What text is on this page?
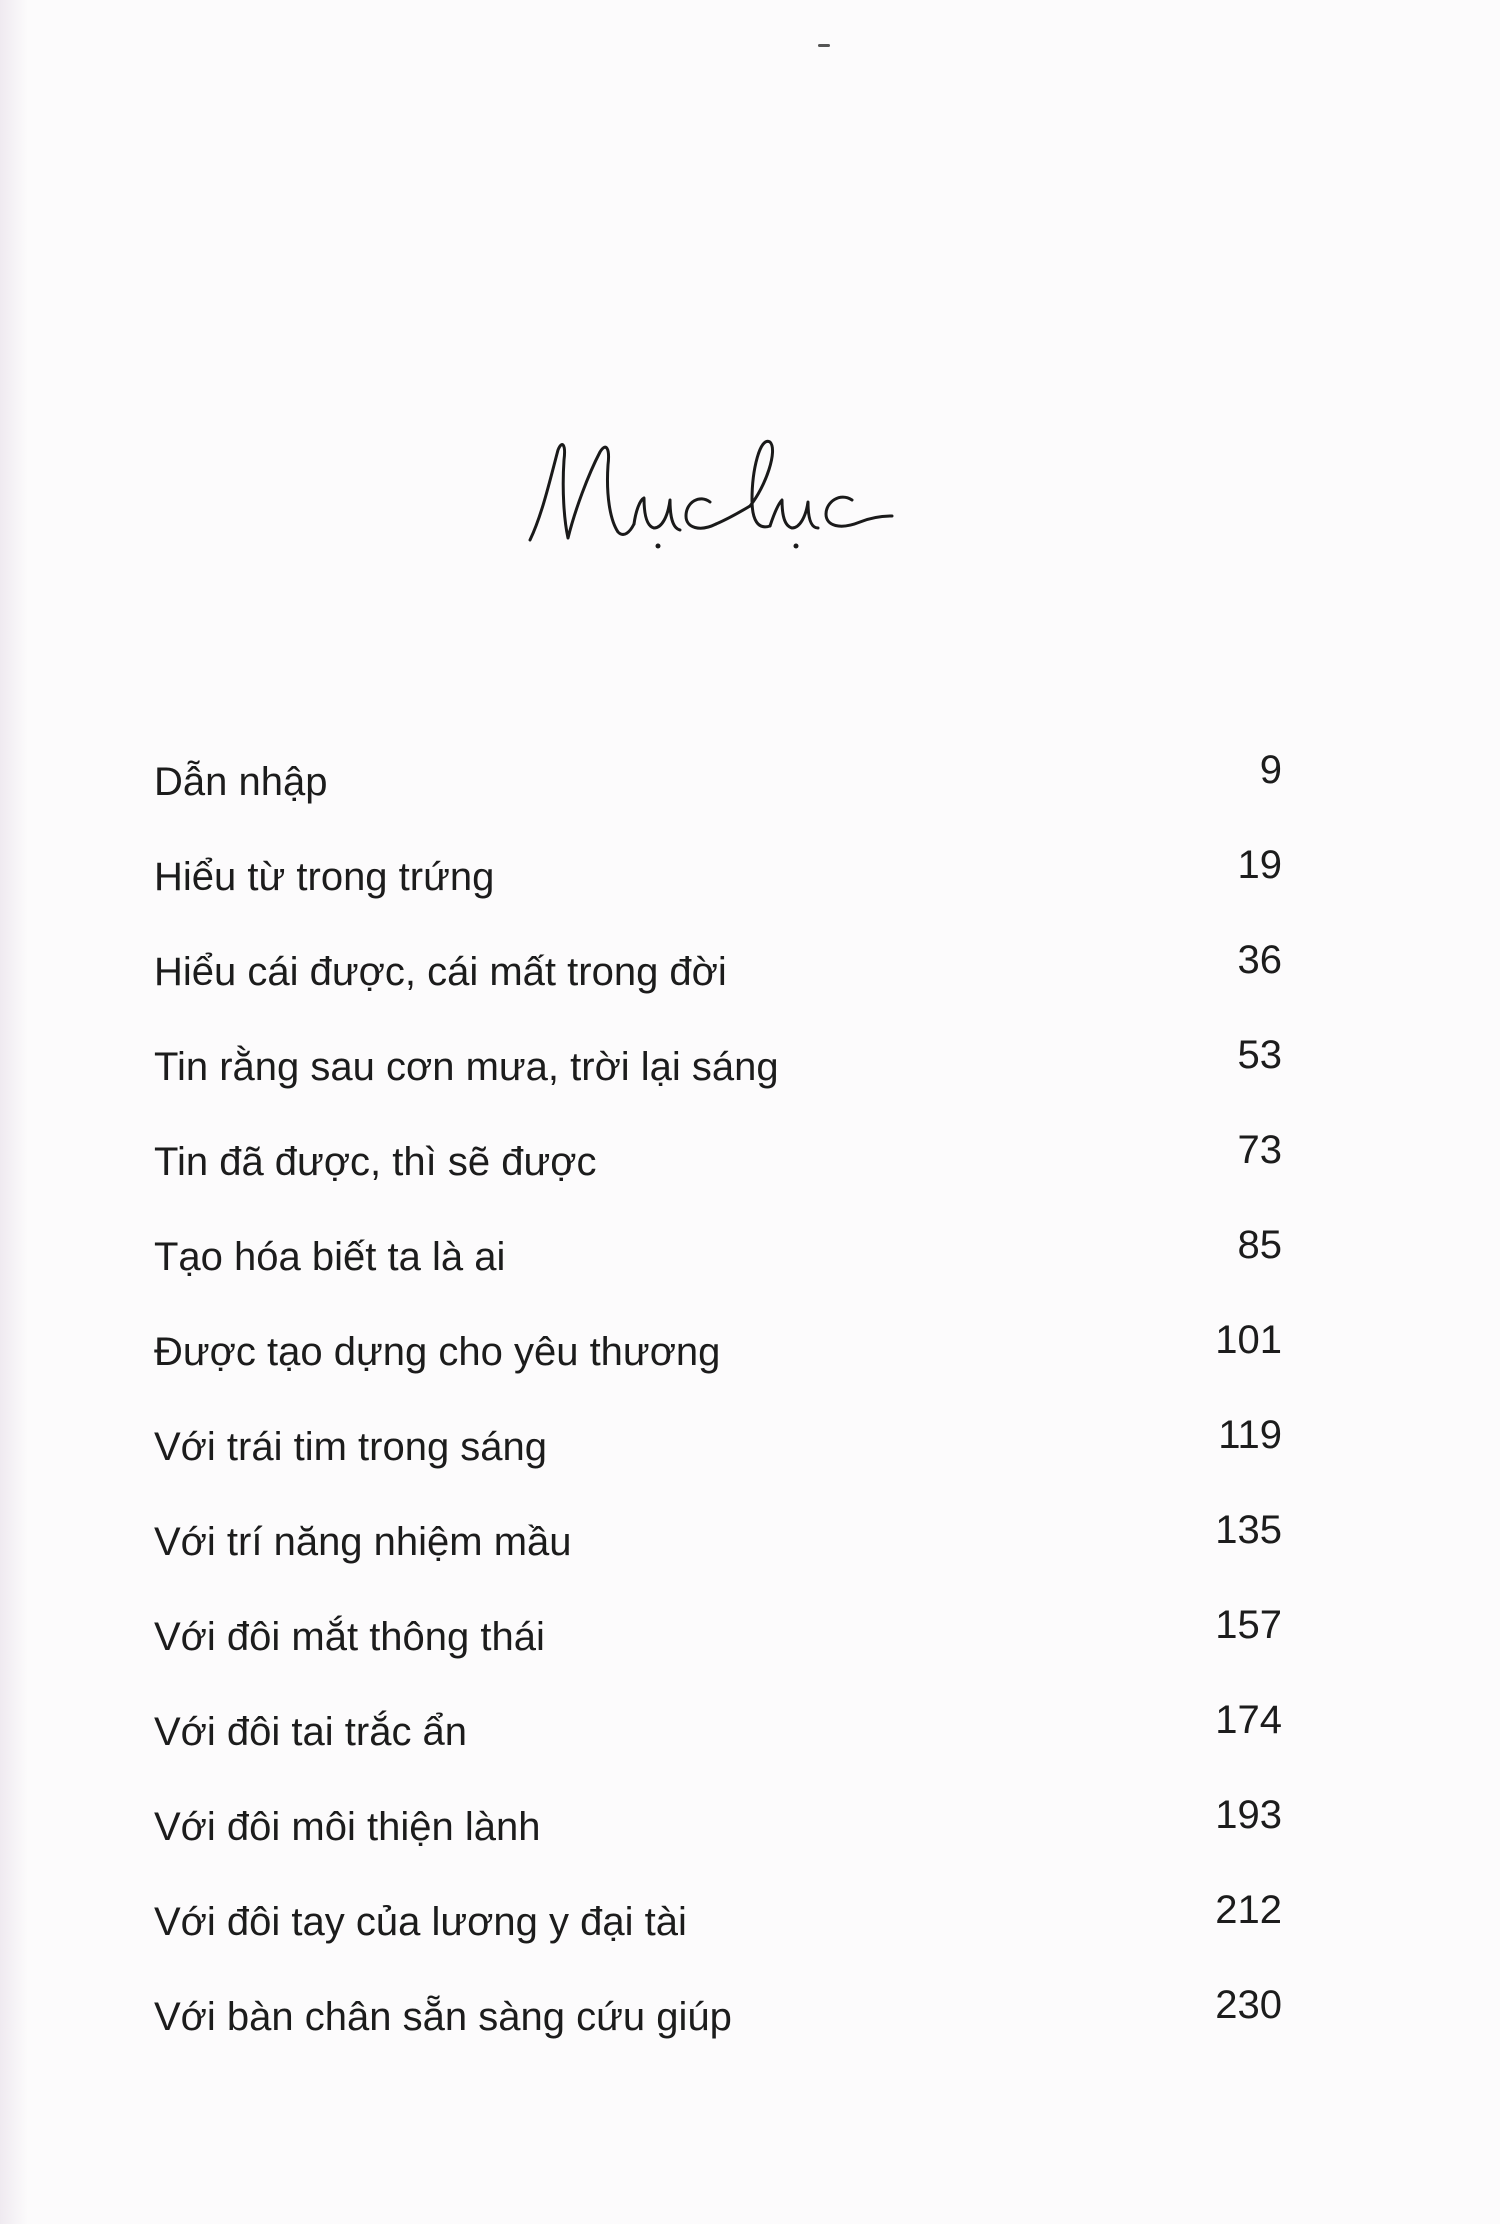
Dẫn nhập	9
Hiểu từ trong trứng	19
Hiểu cái được, cái mất trong đời	36
Tin rằng sau cơn mưa, trời lại sáng	53
Tin đã được, thì sẽ được	73
Tạo hóa biết ta là ai	85
Được tạo dựng cho yêu thương	101
Với trái tim trong sáng	119
Với trí năng nhiệm mầu	135
Với đôi mắt thông thái	157
Với đôi tai trắc ẩn	174
Với đôi môi thiện lành	193
Với đôi tay của lương y đại tài	212
Với bàn chân sẵn sàng cứu giúp	230
